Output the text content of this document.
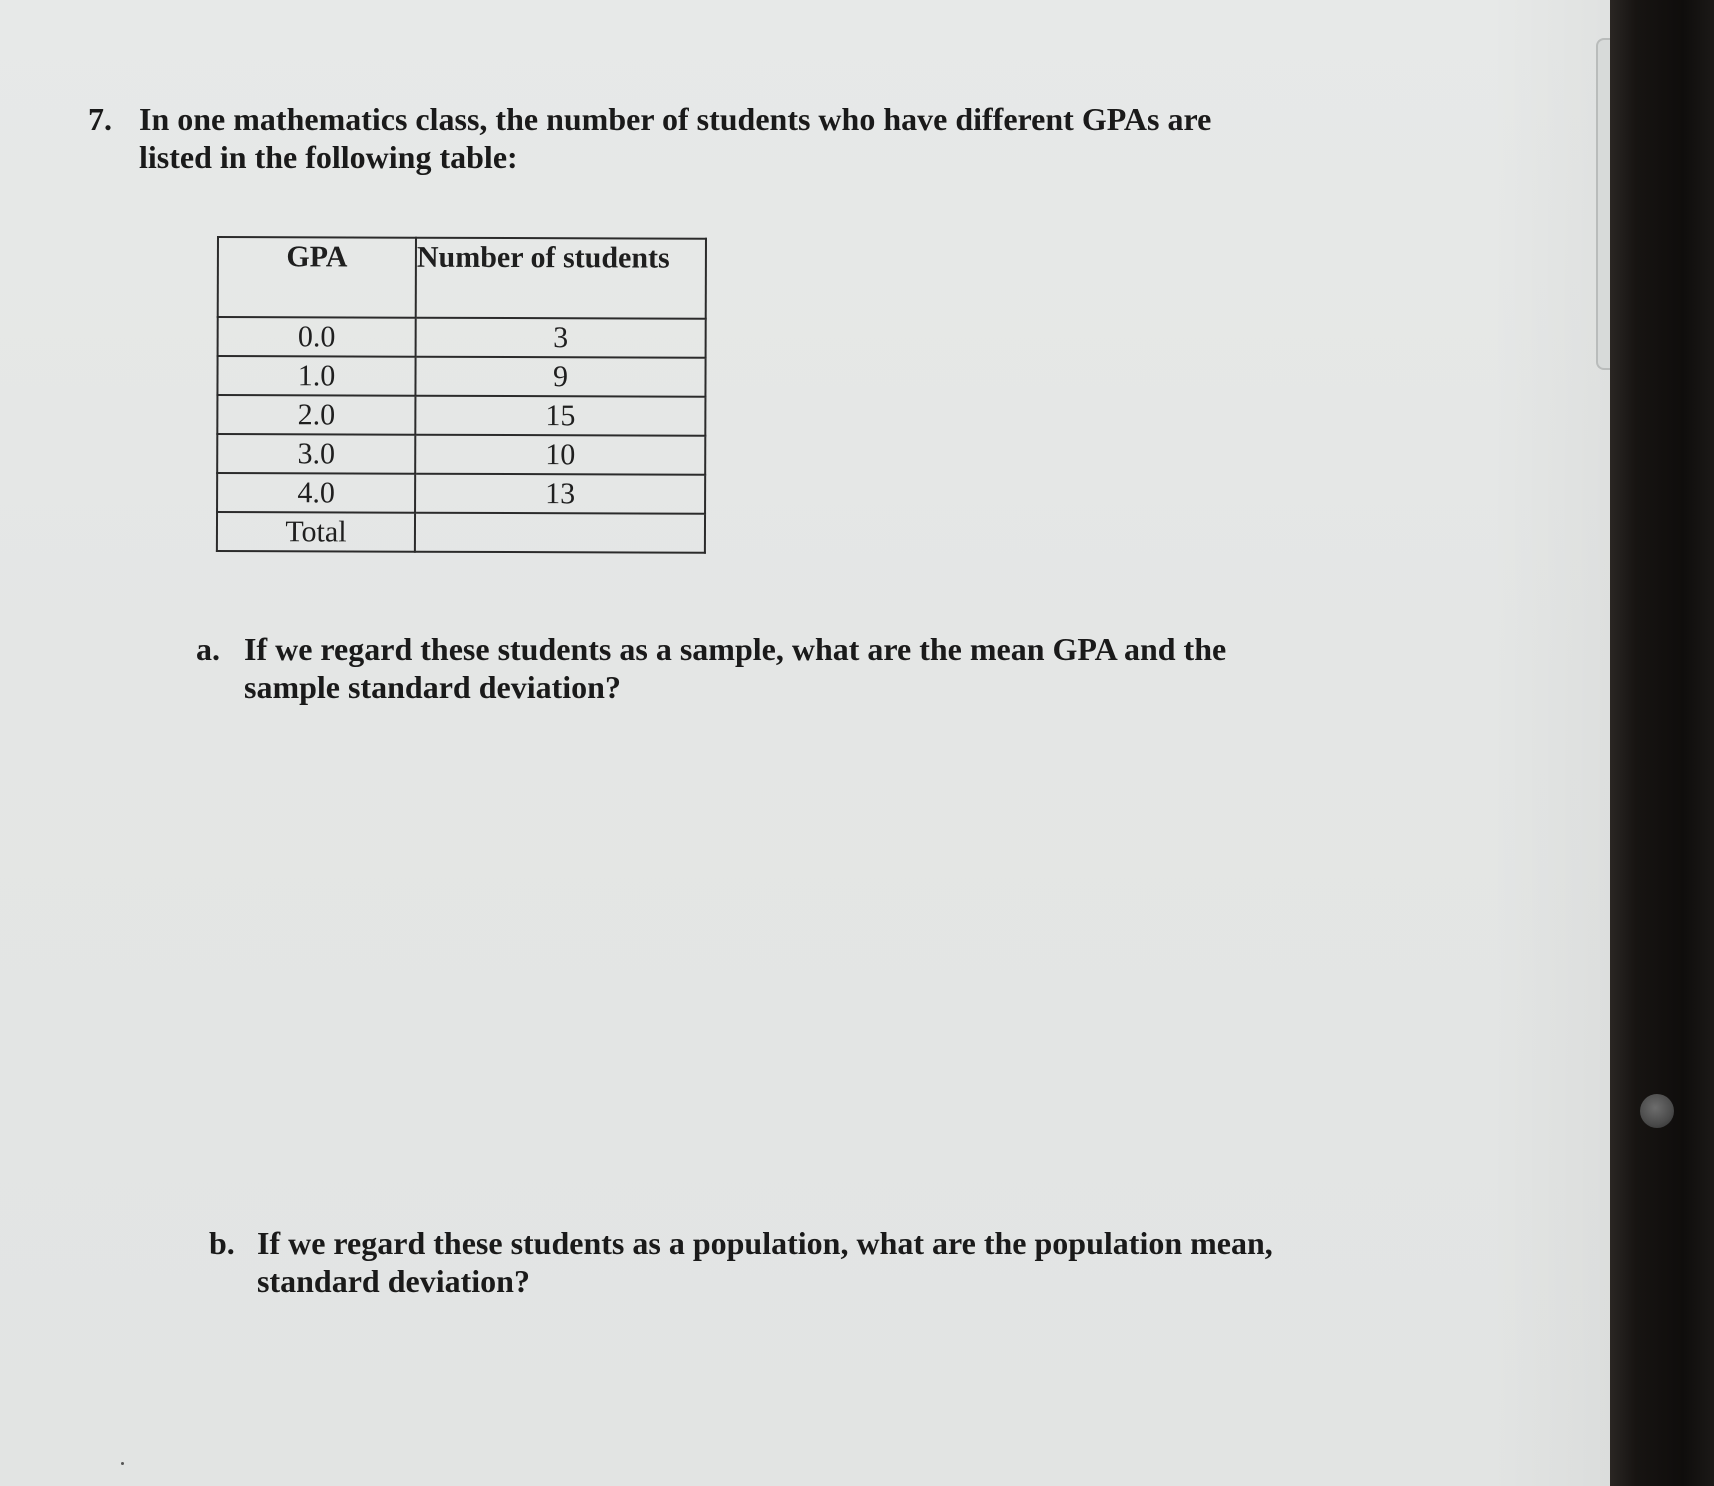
7. In one mathematics class, the number of students who have different GPAs are listed in the following table:
GPA	Number of students
0.0	3
1.0	9
2.0	15
3.0	10
4.0	13
Total	
a. If we regard these students as a sample, what are the mean GPA and the sample standard deviation?
b. If we regard these students as a population, what are the population mean, standard deviation?
